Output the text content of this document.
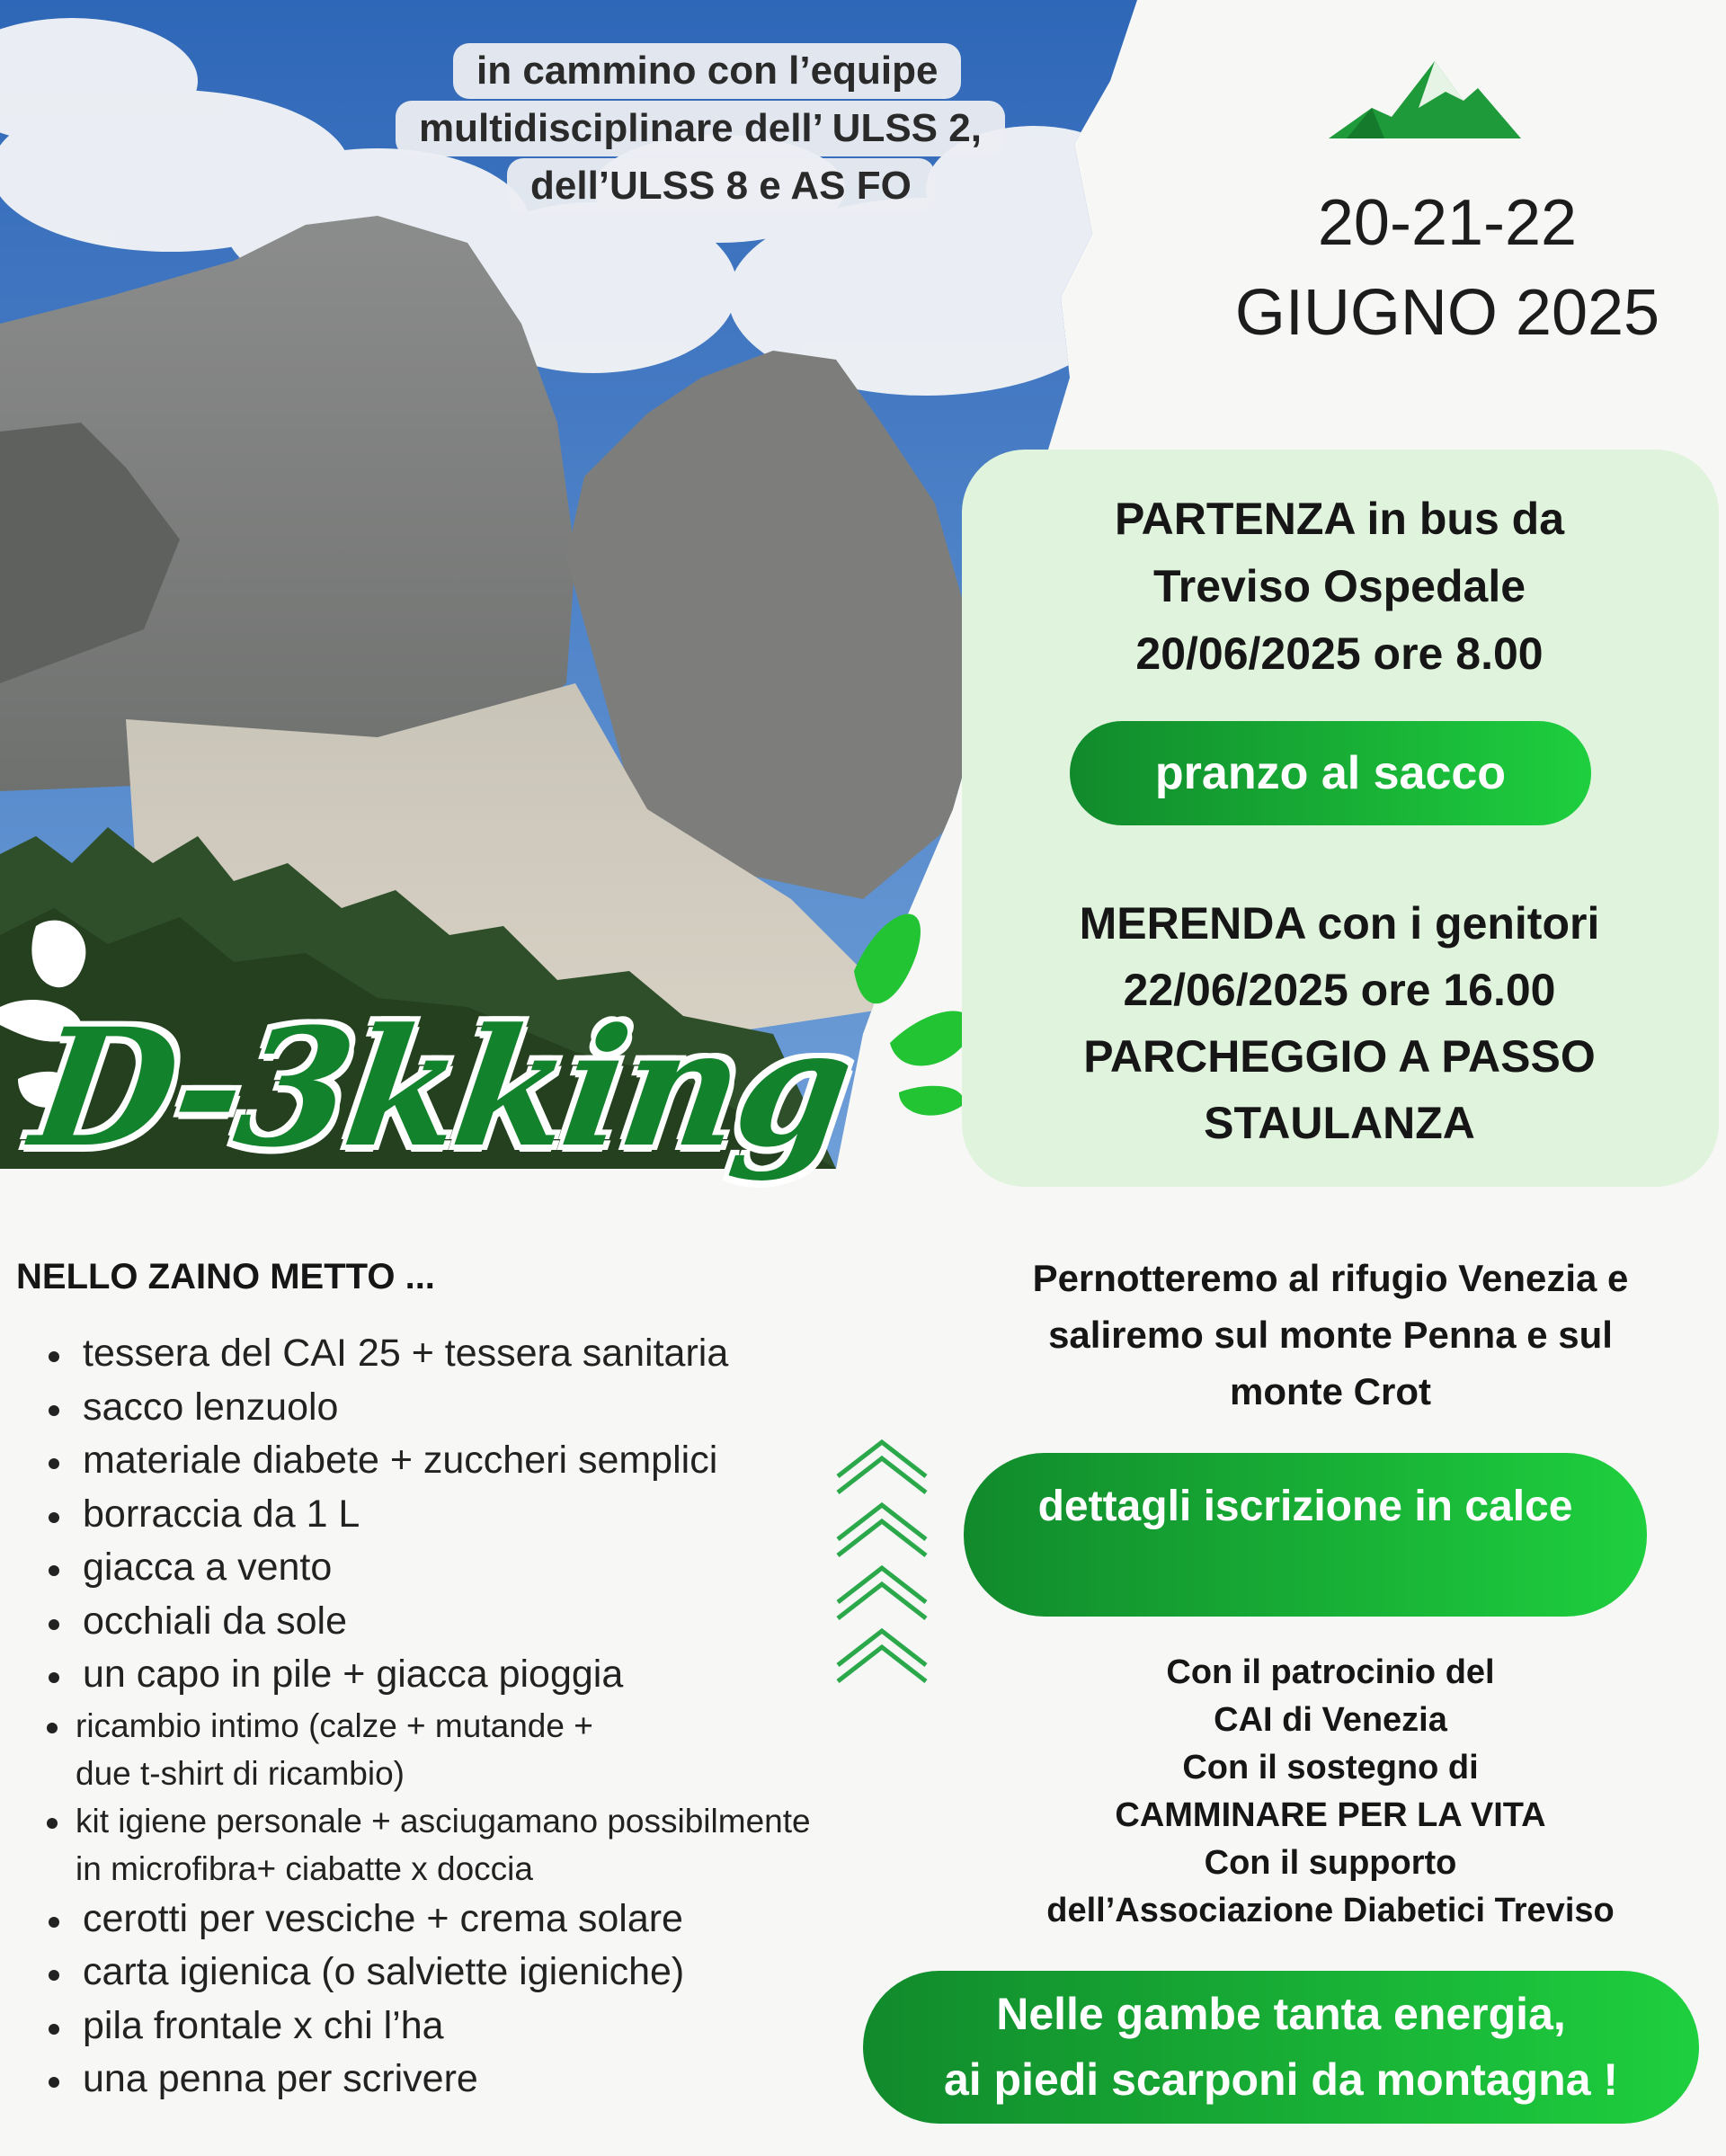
in cammino con l’equipe
multidisciplinare dell’ ULSS 2,
dell’ULSS 8 e AS FO
D-3kking
20-21-22
GIUGNO 2025
PARTENZA in bus da
Treviso Ospedale
20/06/2025 ore 8.00
pranzo al sacco
MERENDA con i genitori
22/06/2025 ore 16.00
PARCHEGGIO A PASSO
STAULANZA
Pernotteremo al rifugio Venezia e
saliremo sul monte Penna e sul
monte Crot
dettagli iscrizione in calce
Con il patrocinio del
CAI di Venezia
Con il sostegno di
CAMMINARE PER LA VITA
Con il supporto
dell’Associazione Diabetici Treviso
Nelle gambe tanta energia,
ai piedi scarponi da montagna !
NELLO ZAINO METTO ...
tessera del CAI 25 + tessera sanitaria
sacco lenzuolo
materiale diabete + zuccheri semplici
borraccia da 1 L
giacca a vento
occhiali da sole
un capo in pile + giacca pioggia
ricambio intimo (calze + mutande +
due t-shirt di ricambio)
kit igiene personale + asciugamano possibilmente
in microfibra+ ciabatte x doccia
cerotti per vesciche + crema solare
carta igienica (o salviette igieniche)
pila frontale x chi l’ha
una penna per scrivere
